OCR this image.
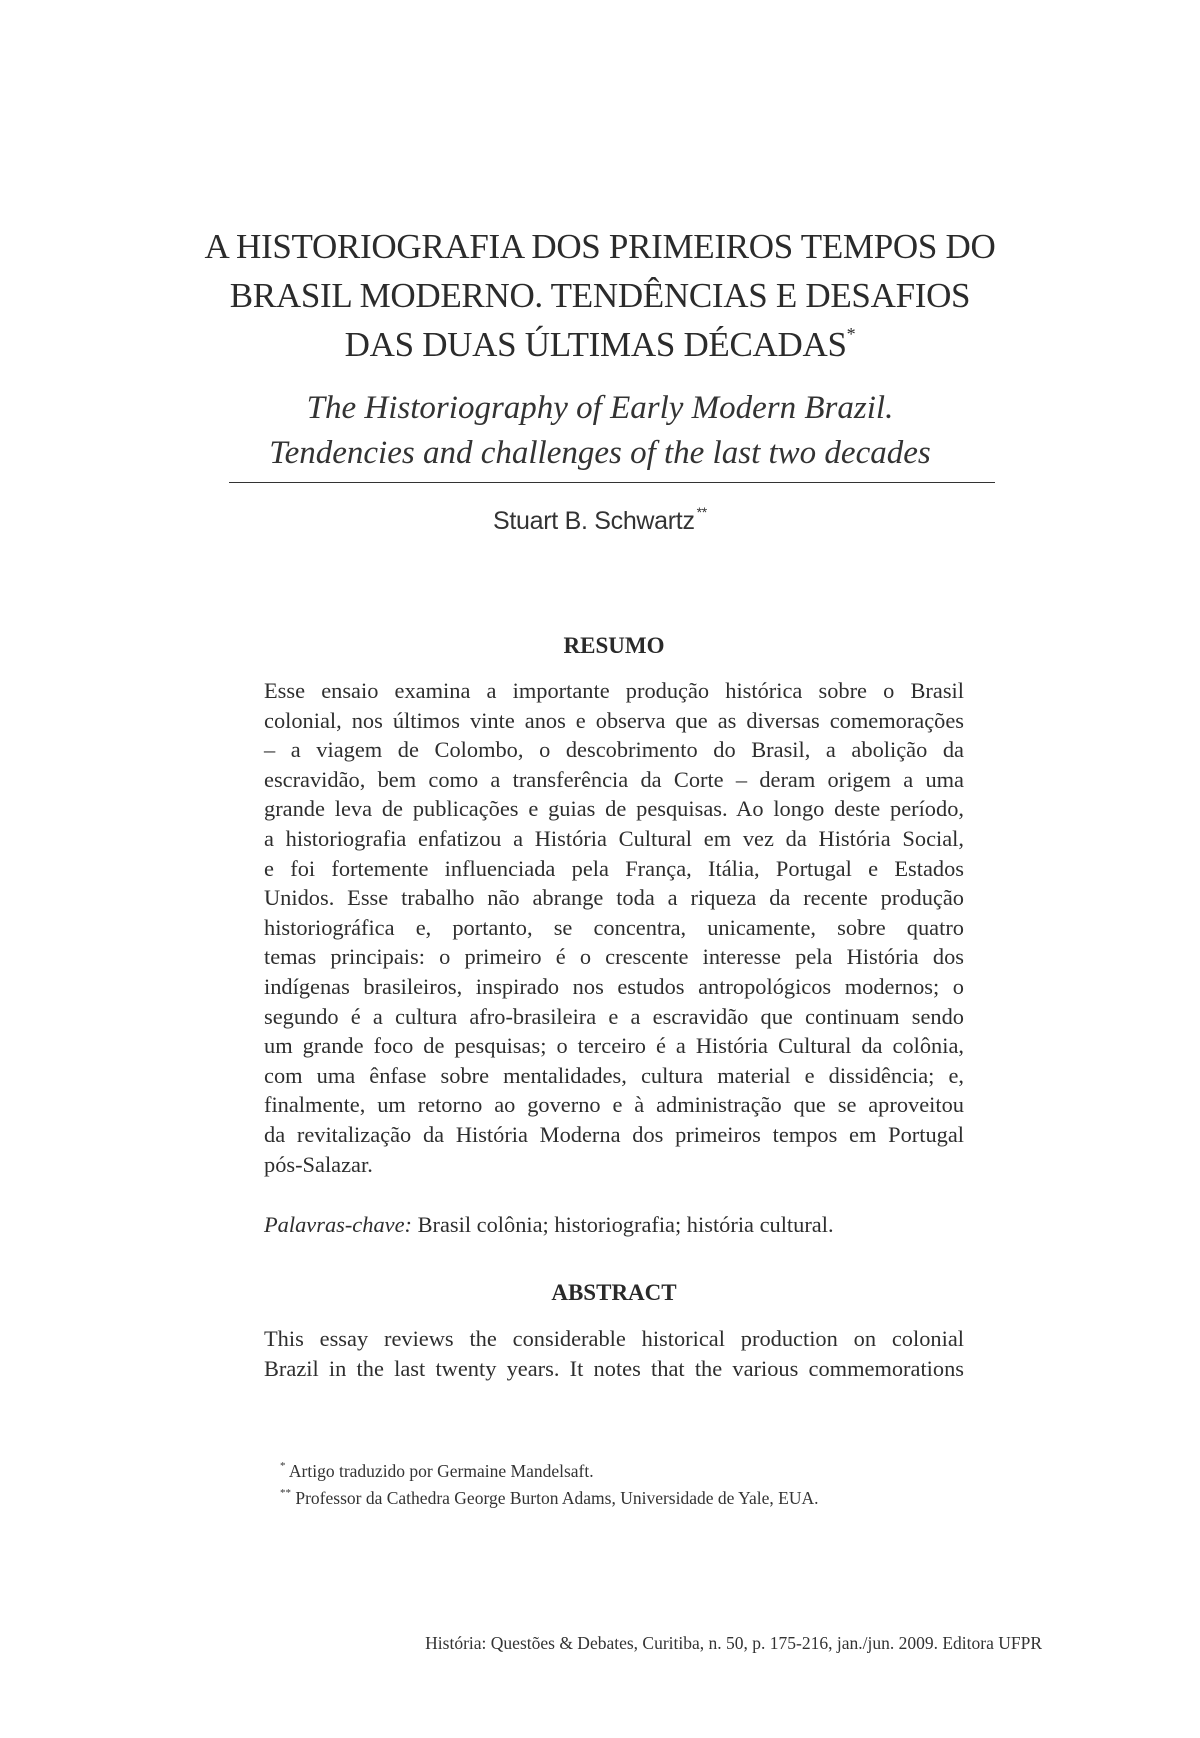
A HISTORIOGRAFIA DOS PRIMEIROS TEMPOS DO
BRASIL MODERNO. TENDÊNCIAS E DESAFIOS
DAS DUAS ÚLTIMAS DÉCADAS*
The Historiography of Early Modern Brazil.
Tendencies and challenges of the last two decades
Stuart B. Schwartz **
RESUMO
Esse ensaio examina a importante produção histórica sobre o Brasil
colonial, nos últimos vinte anos e observa que as diversas comemorações
– a viagem de Colombo, o descobrimento do Brasil, a abolição da
escravidão, bem como a transferência da Corte – deram origem a uma
grande leva de publicações e guias de pesquisas. Ao longo deste período,
a historiografia enfatizou a História Cultural em vez da História Social,
e foi fortemente influenciada pela França, Itália, Portugal e Estados
Unidos. Esse trabalho não abrange toda a riqueza da recente produção
historiográfica e, portanto, se concentra, unicamente, sobre quatro
temas principais: o primeiro é o crescente interesse pela História dos
indígenas brasileiros, inspirado nos estudos antropológicos modernos; o
segundo é a cultura afro-brasileira e a escravidão que continuam sendo
um grande foco de pesquisas; o terceiro é a História Cultural da colônia,
com uma ênfase sobre mentalidades, cultura material e dissidência; e,
finalmente, um retorno ao governo e à administração que se aproveitou
da revitalização da História Moderna dos primeiros tempos em Portugal
pós-Salazar.
Palavras-chave: Brasil colônia; historiografia; história cultural.
ABSTRACT
This essay reviews the considerable historical production on colonial
Brazil in the last twenty years. It notes that the various commemorations
* Artigo traduzido por Germaine Mandelsaft.
** Professor da Cathedra George Burton Adams, Universidade de Yale, EUA.
História: Questões & Debates, Curitiba, n. 50, p. 175-216, jan./jun. 2009. Editora UFPR
